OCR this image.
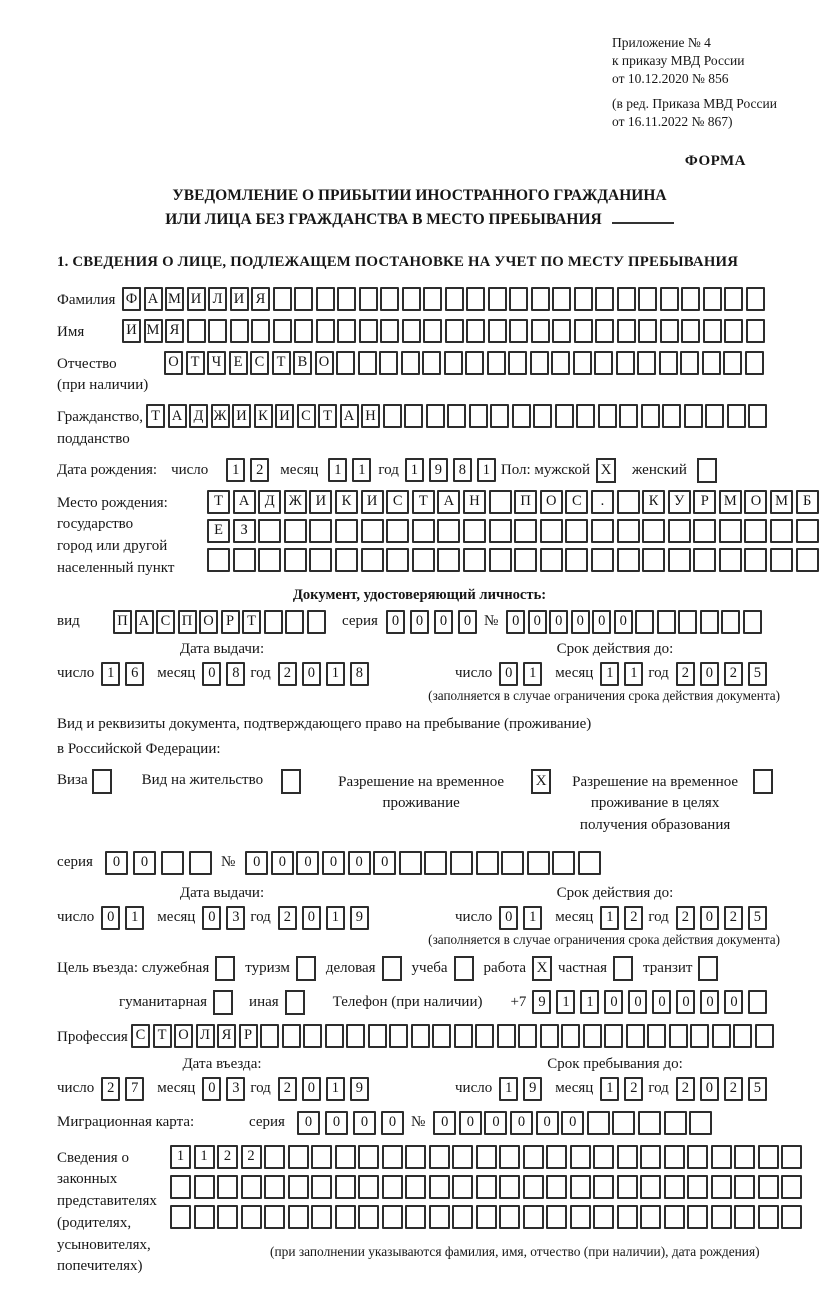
Приложение № 4
к приказу МВД России
от 10.12.2020 № 856
(в ред. Приказа МВД России
от 16.11.2022 № 867)
ФОРМА
УВЕДОМЛЕНИЕ О ПРИБЫТИИ ИНОСТРАННОГО ГРАЖДАНИНА
ИЛИ ЛИЦА БЕЗ ГРАЖДАНСТВА В МЕСТО ПРЕБЫВАНИЯ
1. СВЕДЕНИЯ О ЛИЦЕ, ПОДЛЕЖАЩЕМ ПОСТАНОВКЕ НА УЧЕТ ПО МЕСТУ ПРЕБЫВАНИЯ
Фамилия Ф А М И Л И Я
Имя	И М Я
Отчество
(при наличии)
О Т Ч Е С Т В О
Гражданство,
подданство
Т А Д Ж И К И С Т А Н
Дата рождения: число	1	2	месяц	1	1 год 1	9	8	1 Пол: мужской X	женский
Место рождения:
государство
город или другой
населенный пункт
Т	А	Д Ж И	К	И	С	Т	А	Н	П	О	С	.	К	У	Р	М О М	Б

Е	З

Документ, удостоверяющий личность:
вид	П А С П О Р Т	серия 0	0	0	0 № 0 0 0 0 0 0
Дата выдачи:
число 1	6	месяц 0	8 год 2	0	1	8
Срок действия до:
число 0	1	месяц 1	1 год 2	0	2	5
(заполняется в случае ограничения срока действия документа)
Вид и реквизиты документа, подтверждающего право на пребывание (проживание)
в Российской Федерации:
Виза	Вид на жительство	Разрешение на временное
проживание
X	Разрешение на временное
проживание в целях
получения образования
серия	0	0	№	0	0	0	0	0	0
Дата выдачи:
число 0	1	месяц 0	3 год 2	0	1	9
Срок действия до:
число 0	1	месяц 1	2 год 2	0	2	5
(заполняется в случае ограничения срока действия документа)
Цель въезда: служебная туризм деловая учеба работа X частная транзит
гуманитарная	иная	Телефон (при наличии) +7 9	1	1	0	0	0	0	0	0
Профессия С Т О Л Я Р
Дата въезда:
число 2	7	месяц 0	3 год 2	0	1	9
Срок пребывания до:
число 1	9	месяц 1	2 год 2	0	2	5
Миграционная карта:	серия	0	0	0	0 №	0	0	0	0	0	0
Сведения о
законных
представителях
(родителях,
усыновителях,
попечителях)
1	1	2	2

(при заполнении указываются фамилия, имя, отчество (при наличии), дата рождения)
